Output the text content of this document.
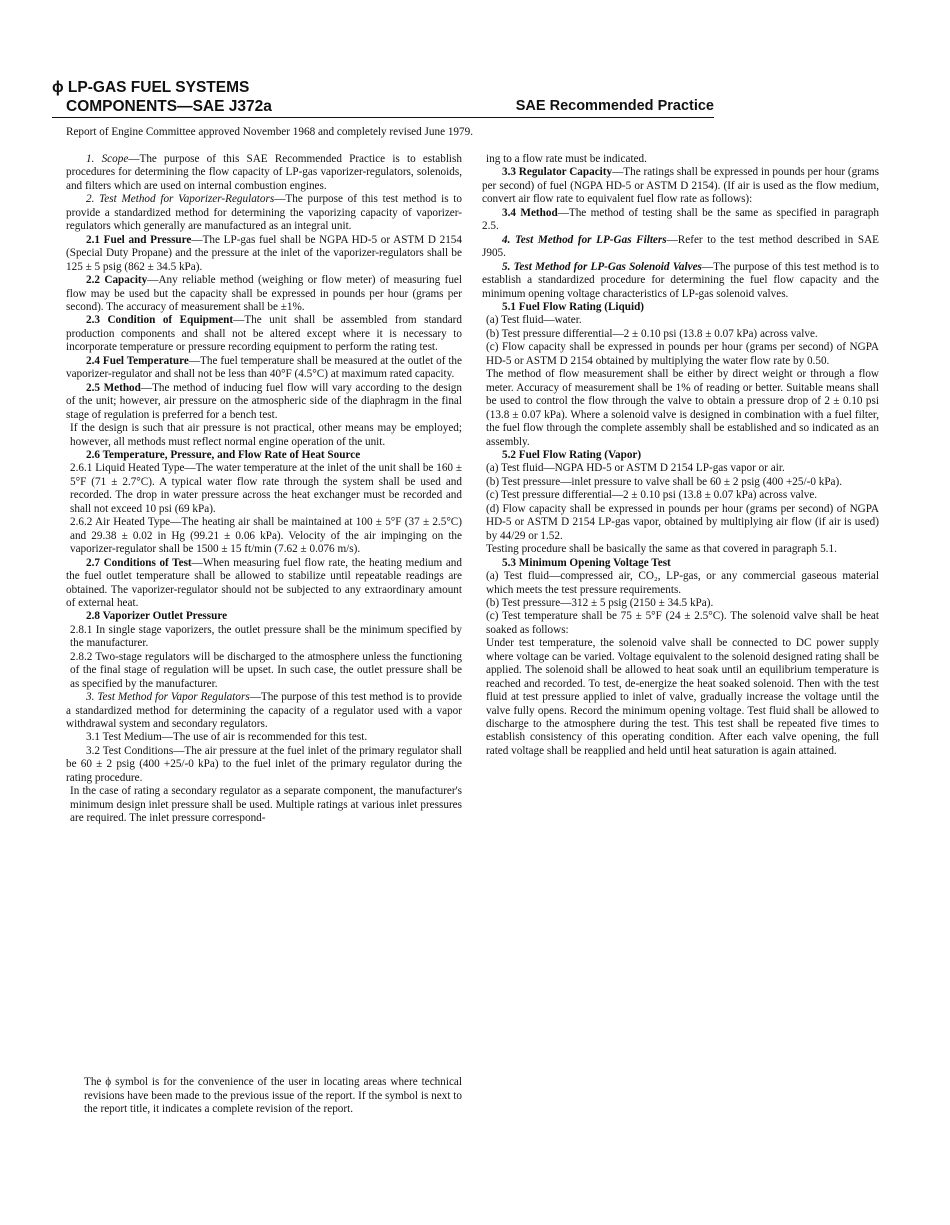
ϕ LP-GAS FUEL SYSTEMS
COMPONENTS—SAE J372a	SAE Recommended Practice
Report of Engine Committee approved November 1968 and completely revised June 1979.

1. Scope—The purpose of this SAE Recommended Practice is to establish procedures for determining the flow capacity of LP-gas vaporizer-regulators, solenoids, and filters which are used on internal combustion engines.

2. Test Method for Vaporizer-Regulators—The purpose of this test method is to provide a standardized method for determining the vaporizing capacity of vaporizer-regulators which generally are manufactured as an integral unit.

2.1 Fuel and Pressure—The LP-gas fuel shall be NGPA HD-5 or ASTM D 2154 (Special Duty Propane) and the pressure at the inlet of the vaporizer-regulators shall be 125 ± 5 psig (862 ± 34.5 kPa).

2.2 Capacity—Any reliable method (weighing or flow meter) of measuring fuel flow may be used but the capacity shall be expressed in pounds per hour (grams per second). The accuracy of measurement shall be ±1%.

2.3 Condition of Equipment—The unit shall be assembled from standard production components and shall not be altered except where it is necessary to incorporate temperature or pressure recording equipment to perform the rating test.

2.4 Fuel Temperature—The fuel temperature shall be measured at the outlet of the vaporizer-regulator and shall not be less than 40°F (4.5°C) at maximum rated capacity.

2.5 Method—The method of inducing fuel flow will vary according to the design of the unit; however, air pressure on the atmospheric side of the diaphragm in the final stage of regulation is preferred for a bench test.

If the design is such that air pressure is not practical, other means may be employed; however, all methods must reflect normal engine operation of the unit.

2.6 Temperature, Pressure, and Flow Rate of Heat Source

2.6.1 Liquid Heated Type—The water temperature at the inlet of the unit shall be 160 ± 5°F (71 ± 2.7°C). A typical water flow rate through the system shall be used and recorded. The drop in water pressure across the heat exchanger must be recorded and shall not exceed 10 psi (69 kPa).

2.6.2 Air Heated Type—The heating air shall be maintained at 100 ± 5°F (37 ± 2.5°C) and 29.38 ± 0.02 in Hg (99.21 ± 0.06 kPa). Velocity of the air impinging on the vaporizer-regulator shall be 1500 ± 15 ft/min (7.62 ± 0.076 m/s).

2.7 Conditions of Test—When measuring fuel flow rate, the heating medium and the fuel outlet temperature shall be allowed to stabilize until repeatable readings are obtained. The vaporizer-regulator should not be subjected to any extraordinary amount of external heat.

2.8 Vaporizer Outlet Pressure

2.8.1 In single stage vaporizers, the outlet pressure shall be the minimum specified by the manufacturer.

2.8.2 Two-stage regulators will be discharged to the atmosphere unless the functioning of the final stage of regulation will be upset. In such case, the outlet pressure shall be as specified by the manufacturer.

3. Test Method for Vapor Regulators—The purpose of this test method is to provide a standardized method for determining the capacity of a regulator used with a vapor withdrawal system and secondary regulators.

3.1 Test Medium—The use of air is recommended for this test.

3.2 Test Conditions—The air pressure at the fuel inlet of the primary regulator shall be 60 ± 2 psig (400 +25/-0 kPa) to the fuel inlet of the primary regulator during the rating procedure.

In the case of rating a secondary regulator as a separate component, the manufacturer's minimum design inlet pressure shall be used. Multiple ratings at various inlet pressures are required. The inlet pressure correspond-

ing to a flow rate must be indicated.

3.3 Regulator Capacity—The ratings shall be expressed in pounds per hour (grams per second) of fuel (NGPA HD-5 or ASTM D 2154). (If air is used as the flow medium, convert air flow rate to equivalent fuel flow rate as follows):

3.4 Method—The method of testing shall be the same as specified in paragraph 2.5.

4. Test Method for LP-Gas Filters—Refer to the test method described in SAE J905.

5. Test Method for LP-Gas Solenoid Valves—The purpose of this test method is to establish a standardized procedure for determining the fuel flow capacity and the minimum opening voltage characteristics of LP-gas solenoid valves.

5.1 Fuel Flow Rating (Liquid)

(a) Test fluid—water.

(b) Test pressure differential—2 ± 0.10 psi (13.8 ± 0.07 kPa) across valve.

(c) Flow capacity shall be expressed in pounds per hour (grams per second) of NGPA HD-5 or ASTM D 2154 obtained by multiplying the water flow rate by 0.50.

The method of flow measurement shall be either by direct weight or through a flow meter. Accuracy of measurement shall be 1% of reading or better. Suitable means shall be used to control the flow through the valve to obtain a pressure drop of 2 ± 0.10 psi (13.8 ± 0.07 kPa). Where a solenoid valve is designed in combination with a fuel filter, the fuel flow through the complete assembly shall be established and so indicated as an assembly.

5.2 Fuel Flow Rating (Vapor)

(a) Test fluid—NGPA HD-5 or ASTM D 2154 LP-gas vapor or air.

(b) Test pressure—inlet pressure to valve shall be 60 ± 2 psig (400 +25/-0 kPa).

(c) Test pressure differential—2 ± 0.10 psi (13.8 ± 0.07 kPa) across valve.

(d) Flow capacity shall be expressed in pounds per hour (grams per second) of NGPA HD-5 or ASTM D 2154 LP-gas vapor, obtained by multiplying air flow (if air is used) by 44/29 or 1.52.

Testing procedure shall be basically the same as that covered in paragraph 5.1.

5.3 Minimum Opening Voltage Test

(a) Test fluid—compressed air, CO₂, LP-gas, or any commercial gaseous material which meets the test pressure requirements.

(b) Test pressure—312 ± 5 psig (2150 ± 34.5 kPa).

(c) Test temperature shall be 75 ± 5°F (24 ± 2.5°C). The solenoid valve shall be heat soaked as follows:

Under test temperature, the solenoid valve shall be connected to DC power supply where voltage can be varied. Voltage equivalent to the solenoid designed rating shall be applied. The solenoid shall be allowed to heat soak until an equilibrium temperature is reached and recorded. To test, de-energize the heat soaked solenoid. Then with the test fluid at test pressure applied to inlet of valve, gradually increase the voltage until the valve fully opens. Record the minimum opening voltage. Test fluid shall be allowed to discharge to the atmosphere during the test. This test shall be repeated five times to establish consistency of this operating condition. After each valve opening, the full rated voltage shall be reapplied and held until heat saturation is again attained.

The ϕ symbol is for the convenience of the user in locating areas where technical revisions have been made to the previous issue of the report. If the symbol is next to the report title, it indicates a complete revision of the report.
